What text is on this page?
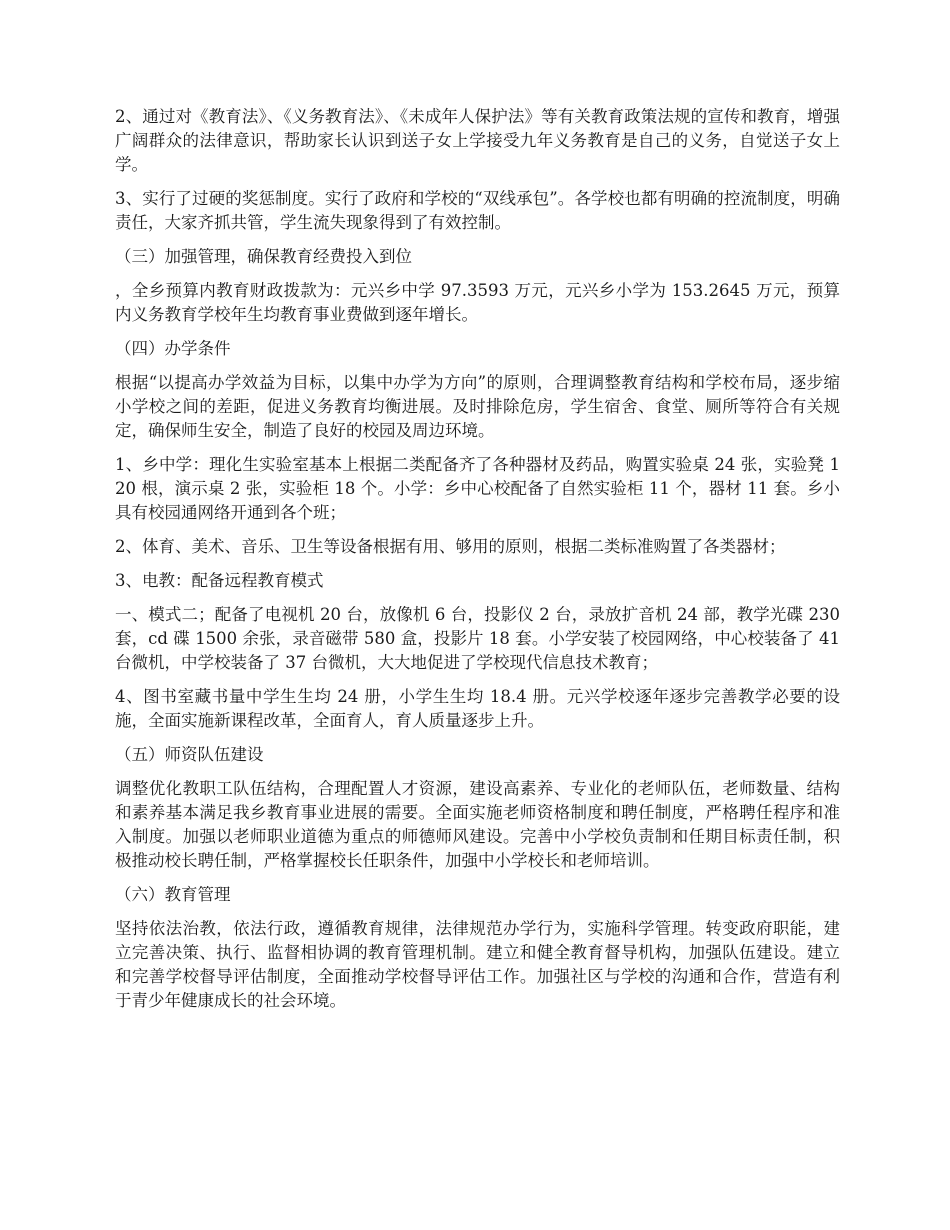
2、通过对《教育法》、《义务教育法》、《未成年人保护法》等有关教育政策法规的宣传和教育，增强广阔群众的法律意识，帮助家长认识到送子女上学接受九年义务教育是自己的义务，自觉送子女上学。

3、实行了过硬的奖惩制度。实行了政府和学校的“双线承包”。各学校也都有明确的控流制度，明确责任，大家齐抓共管，学生流失现象得到了有效控制。

（三）加强管理，确保教育经费投入到位

，全乡预算内教育财政拨款为：元兴乡中学 97.3593 万元，元兴乡小学为 153.2645 万元，预算内义务教育学校年生均教育事业费做到逐年增长。

（四）办学条件

根据“以提高办学效益为目标，以集中办学为方向”的原则，合理调整教育结构和学校布局，逐步缩小学校之间的差距，促进义务教育均衡进展。及时排除危房，学生宿舍、食堂、厕所等符合有关规定，确保师生安全，制造了良好的校园及周边环境。

1、乡中学：理化生实验室基本上根据二类配备齐了各种器材及药品，购置实验桌 24 张，实验凳 120 根，演示桌 2 张，实验柜 18 个。小学：乡中心校配备了自然实验柜 11 个，器材 11 套。乡小具有校园通网络开通到各个班；

2、体育、美术、音乐、卫生等设备根据有用、够用的原则，根据二类标准购置了各类器材；

3、电教：配备远程教育模式

一、模式二；配备了电视机 20 台，放像机 6 台，投影仪 2 台，录放扩音机 24 部，教学光碟 230 套，cd 碟 1500 余张，录音磁带 580 盒，投影片 18 套。小学安装了校园网络，中心校装备了 41 台微机，中学校装备了 37 台微机，大大地促进了学校现代信息技术教育；

4、图书室藏书量中学生生均 24 册，小学生生均 18.4 册。元兴学校逐年逐步完善教学必要的设施，全面实施新课程改革，全面育人，育人质量逐步上升。

（五）师资队伍建设

调整优化教职工队伍结构，合理配置人才资源，建设高素养、专业化的老师队伍，老师数量、结构和素养基本满足我乡教育事业进展的需要。全面实施老师资格制度和聘任制度，严格聘任程序和准入制度。加强以老师职业道德为重点的师德师风建设。完善中小学校负责制和任期目标责任制，积极推动校长聘任制，严格掌握校长任职条件，加强中小学校长和老师培训。

（六）教育管理

坚持依法治教，依法行政，遵循教育规律，法律规范办学行为，实施科学管理。转变政府职能，建立完善决策、执行、监督相协调的教育管理机制。建立和健全教育督导机构，加强队伍建设。建立和完善学校督导评估制度，全面推动学校督导评估工作。加强社区与学校的沟通和合作，营造有利于青少年健康成长的社会环境。
